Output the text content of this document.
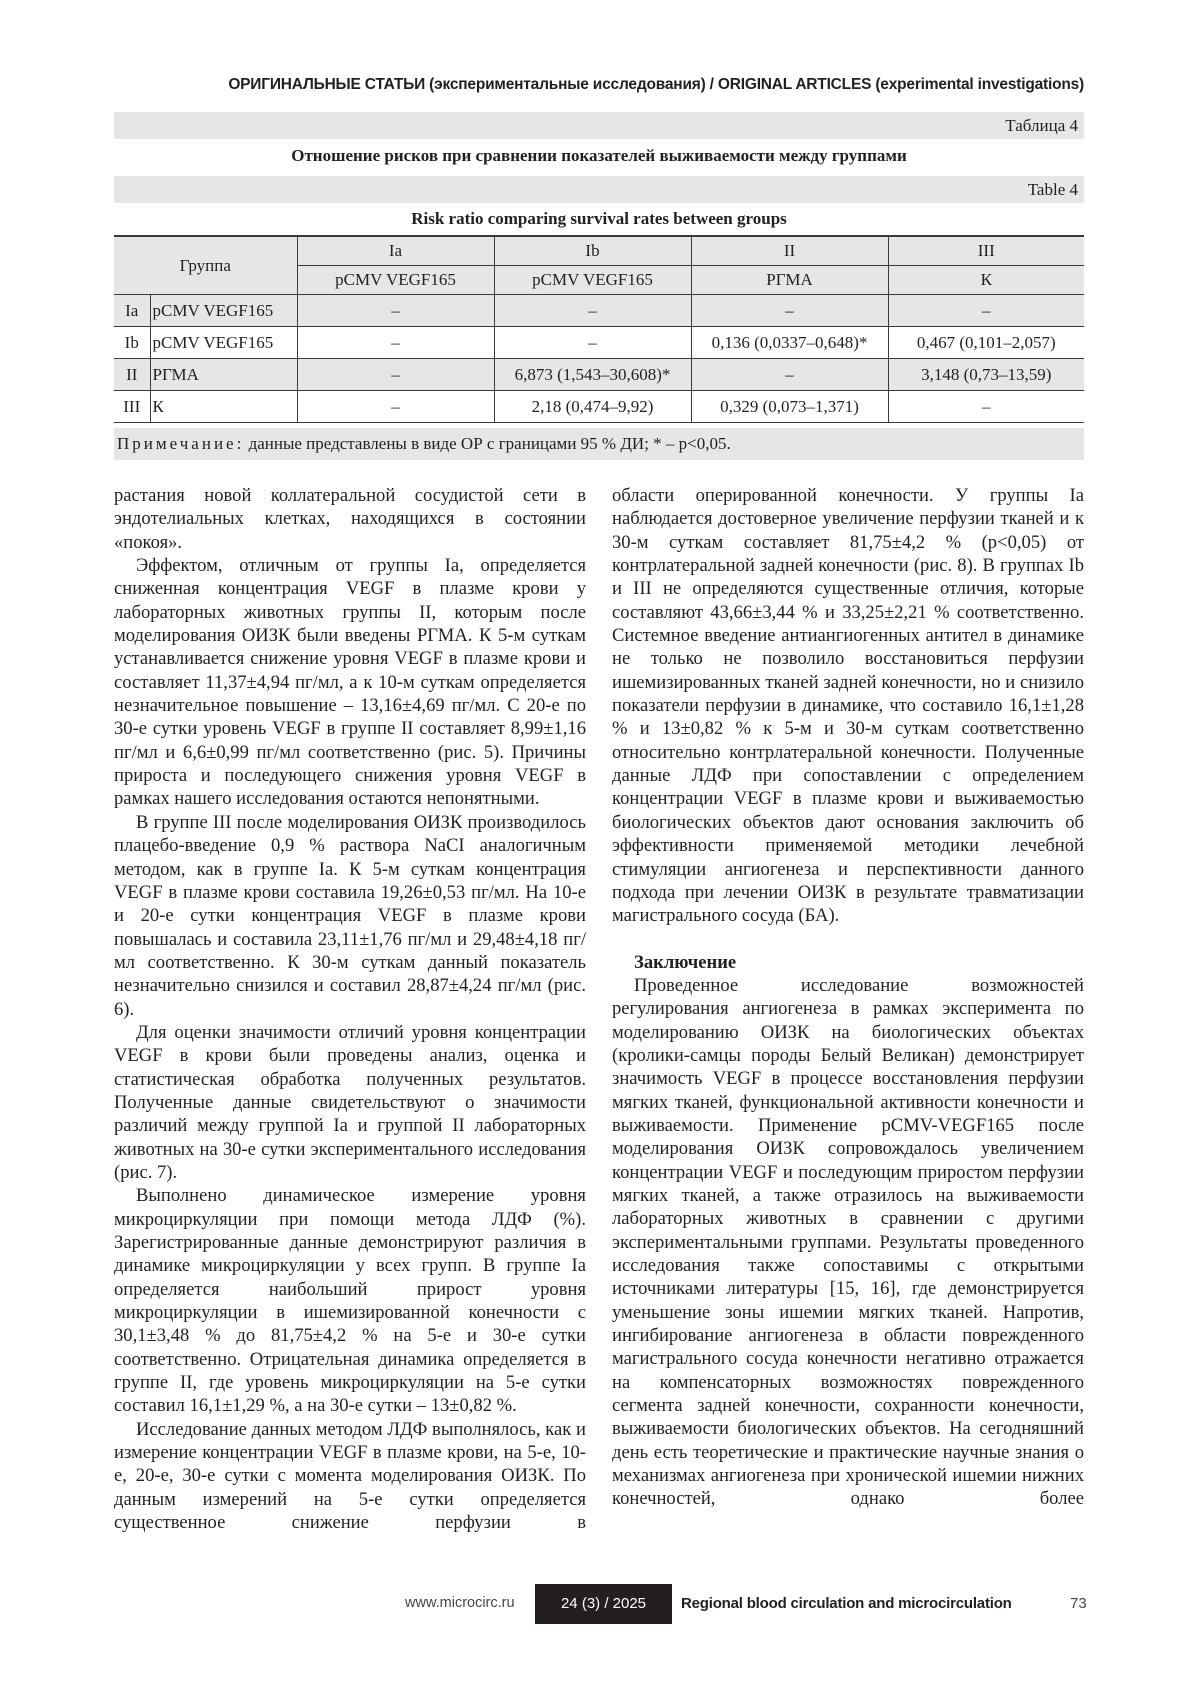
ОРИГИНАЛЬНЫЕ СТАТЬИ (экспериментальные исследования) / ORIGINAL ARTICLES (experimental investigations)
Таблица 4
Отношение рисков при сравнении показателей выживаемости между группами
Table 4
Risk ratio comparing survival rates between groups
Группа	Ia	Ib	II	III
pCMV VEGF165	pCMV VEGF165	РГМА	К
Ia	pCMV VEGF165	–	–	–	–
Ib	pCMV VEGF165	–	–	0,136 (0,0337–0,648)*	0,467 (0,101–2,057)
II	РГМА	–	6,873 (1,543–30,608)*	–	3,148 (0,73–13,59)
III	К	–	2,18 (0,474–9,92)	0,329 (0,073–1,371)	–
Примечание: данные представлены в виде ОР с границами 95 % ДИ; * – p<0,05.

растания новой коллатеральной сосудистой сети в эндотелиальных клетках, находящихся в состоянии «покоя».

Эффектом, отличным от группы Ia, определяется сниженная концентрация VEGF в плазме крови у лабораторных животных группы II, которым после моделирования ОИЗК были введены РГМА. К 5-м суткам устанавливается снижение уровня VEGF в плазме крови и составляет 11,37±4,94 пг/мл, а к 10-м суткам определяется незначительное повышение – 13,16±4,69 пг/мл. С 20-е по 30-е сутки уровень VEGF в группе II составляет 8,99±1,16 пг/мл и 6,6±0,99 пг/мл соответственно (рис. 5). Причины прироста и последующего снижения уровня VEGF в рамках нашего исследования остаются непонятными.

В группе III после моделирования ОИЗК производилось плацебо-введение 0,9 % раствора NaCI аналогичным методом, как в группе Ia. К 5-м суткам концентрация VEGF в плазме крови составила 19,26±0,53 пг/мл. На 10-е и 20-е сутки концентрация VEGF в плазме крови повышалась и составила 23,11±1,76 пг/мл и 29,48±4,18 пг/мл соответственно. К 30-м суткам данный показатель незначительно снизился и составил 28,87±4,24 пг/мл (рис. 6).

Для оценки значимости отличий уровня концентрации VEGF в крови были проведены анализ, оценка и статистическая обработка полученных результатов. Полученные данные свидетельствуют о значимости различий между группой Ia и группой II лабораторных животных на 30-е сутки экспериментального исследования (рис. 7).

Выполнено динамическое измерение уровня микроциркуляции при помощи метода ЛДФ (%). Зарегистрированные данные демонстрируют различия в динамике микроциркуляции у всех групп. В группе Ia определяется наибольший прирост уровня микроциркуляции в ишемизированной конечности с 30,1±3,48 % до 81,75±4,2 % на 5-е и 30-е сутки соответственно. Отрицательная динамика определяется в группе II, где уровень микроциркуляции на 5-е сутки составил 16,1±1,29 %, а на 30-е сутки – 13±0,82 %.

Исследование данных методом ЛДФ выполнялось, как и измерение концентрации VEGF в плазме крови, на 5-е, 10-е, 20-е, 30-е сутки с момента моделирования ОИЗК. По данным измерений на 5-е сутки определяется существенное снижение перфузии в

области оперированной конечности. У группы Ia наблюдается достоверное увеличение перфузии тканей и к 30-м суткам составляет 81,75±4,2 % (p<0,05) от контрлатеральной задней конечности (рис. 8). В группах Ib и III не определяются существенные отличия, которые составляют 43,66±3,44 % и 33,25±2,21 % соответственно. Системное введение антиангиогенных антител в динамике не только не позволило восстановиться перфузии ишемизированных тканей задней конечности, но и снизило показатели перфузии в динамике, что составило 16,1±1,28 % и 13±0,82 % к 5-м и 30-м суткам соответственно относительно контрлатеральной конечности. Полученные данные ЛДФ при сопоставлении с определением концентрации VEGF в плазме крови и выживаемостью биологических объектов дают основания заключить об эффективности применяемой методики лечебной стимуляции ангиогенеза и перспективности данного подхода при лечении ОИЗК в результате травматизации магистрального сосуда (БА).

Заключение

Проведенное исследование возможностей регулирования ангиогенеза в рамках эксперимента по моделированию ОИЗК на биологических объектах (кролики-самцы породы Белый Великан) демонстрирует значимость VEGF в процессе восстановления перфузии мягких тканей, функциональной активности конечности и выживаемости. Применение pCMV-VEGF165 после моделирования ОИЗК сопровождалось увеличением концентрации VEGF и последующим приростом перфузии мягких тканей, а также отразилось на выживаемости лабораторных животных в сравнении с другими экспериментальными группами. Результаты проведенного исследования также сопоставимы с открытыми источниками литературы [15, 16], где демонстрируется уменьшение зоны ишемии мягких тканей. Напротив, ингибирование ангиогенеза в области поврежденного магистрального сосуда конечности негативно отражается на компенсаторных возможностях поврежденного сегмента задней конечности, сохранности конечности, выживаемости биологических объектов. На сегодняшний день есть теоретические и практические научные знания о механизмах ангиогенеза при хронической ишемии нижних конечностей, однако более

www.microcirc.ru	24 (3) / 2025	Regional blood circulation and microcirculation	73
